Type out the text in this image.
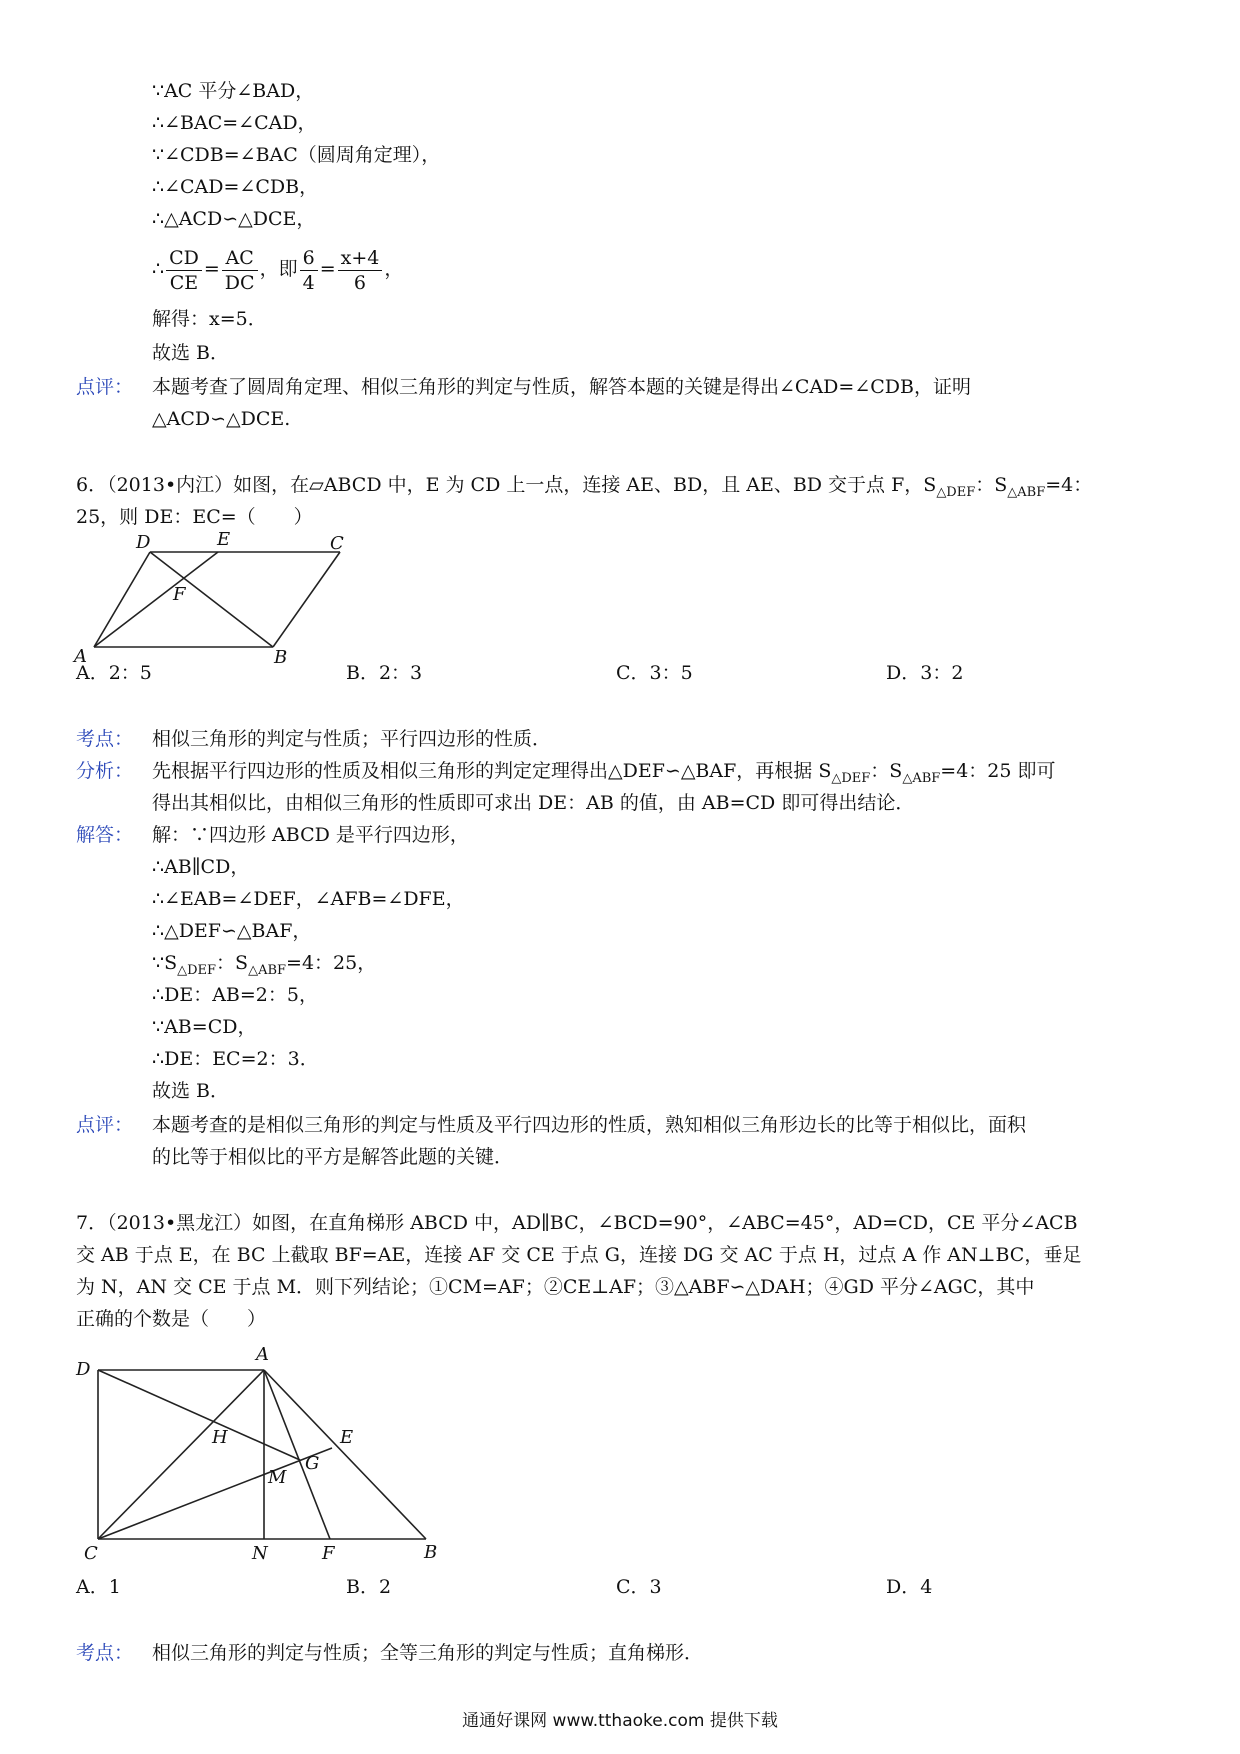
∵AC 平分∠BAD，
∴∠BAC=∠CAD，
∵∠CDB=∠BAC（圆周角定理），
∴∠CAD=∠CDB，
∴△ACD∽△DCE，
∴ $\frac{CD}{CE} = \frac{AC}{DC}$ ，即 $\frac{6}{4} = \frac{x+4}{6}$ ，
解得：x=5．
故选 B．
点评： 本题考查了圆周角定理、相似三角形的判定与性质，解答本题的关键是得出∠CAD=∠CDB，证明
△ACD∽△DCE.
6．（2013•内江）如图，在▱ABCD 中，E 为 CD 上一点，连接 AE、BD，且 AE、BD 交于点 F，$S_{\triangle DEF}$：$S_{\triangle ABF}=4$：
25，则 DE：EC=（　　）
D	E	C
F
A	B
A．2：5	B．2：3	C．3：5	D．3：2
考点： 相似三角形的判定与性质；平行四边形的性质．
分析： 先根据平行四边形的性质及相似三角形的判定定理得出△DEF∽△BAF，再根据 $S_{\triangle DEF}$：$S_{\triangle ABF}=4$：25 即可
得出其相似比，由相似三角形的性质即可求出 DE：AB 的值，由 AB=CD 即可得出结论．
解答： 解：∵四边形 ABCD 是平行四边形，
∴AB∥CD，
∴∠EAB=∠DEF，∠AFB=∠DFE，
∴△DEF∽△BAF，
$\because S_{\triangle DEF}$：$S_{\triangle ABF}=4$：25，
∴DE：AB=2：5，
∵AB=CD，
∴DE：EC=2：3．
故选 B．
点评： 本题考查的是相似三角形的判定与性质及平行四边形的性质，熟知相似三角形边长的比等于相似比，面积
的比等于相似比的平方是解答此题的关键．
7．（2013•黑龙江）如图，在直角梯形 ABCD 中，AD∥BC，∠BCD=90°，∠ABC=45°，AD=CD，CE 平分∠ACB
交 AB 于点 E，在 BC 上截取 BF=AE，连接 AF 交 CE 于点 G，连接 DG 交 AC 于点 H，过点 A 作 AN⊥BC，垂足
为 N，AN 交 CE 于点 M．则下列结论；①CM=AF；②CE⊥AF；③△ABF∽△DAH；④GD 平分∠AGC，其中
正确的个数是（　　）
D
A
H	E
G
M
C	N	F	B
A．1	B．2	C．3	D．4
考点： 相似三角形的判定与性质；全等三角形的判定与性质；直角梯形．
通通好课网 www.tthaoke.com 提供下载
